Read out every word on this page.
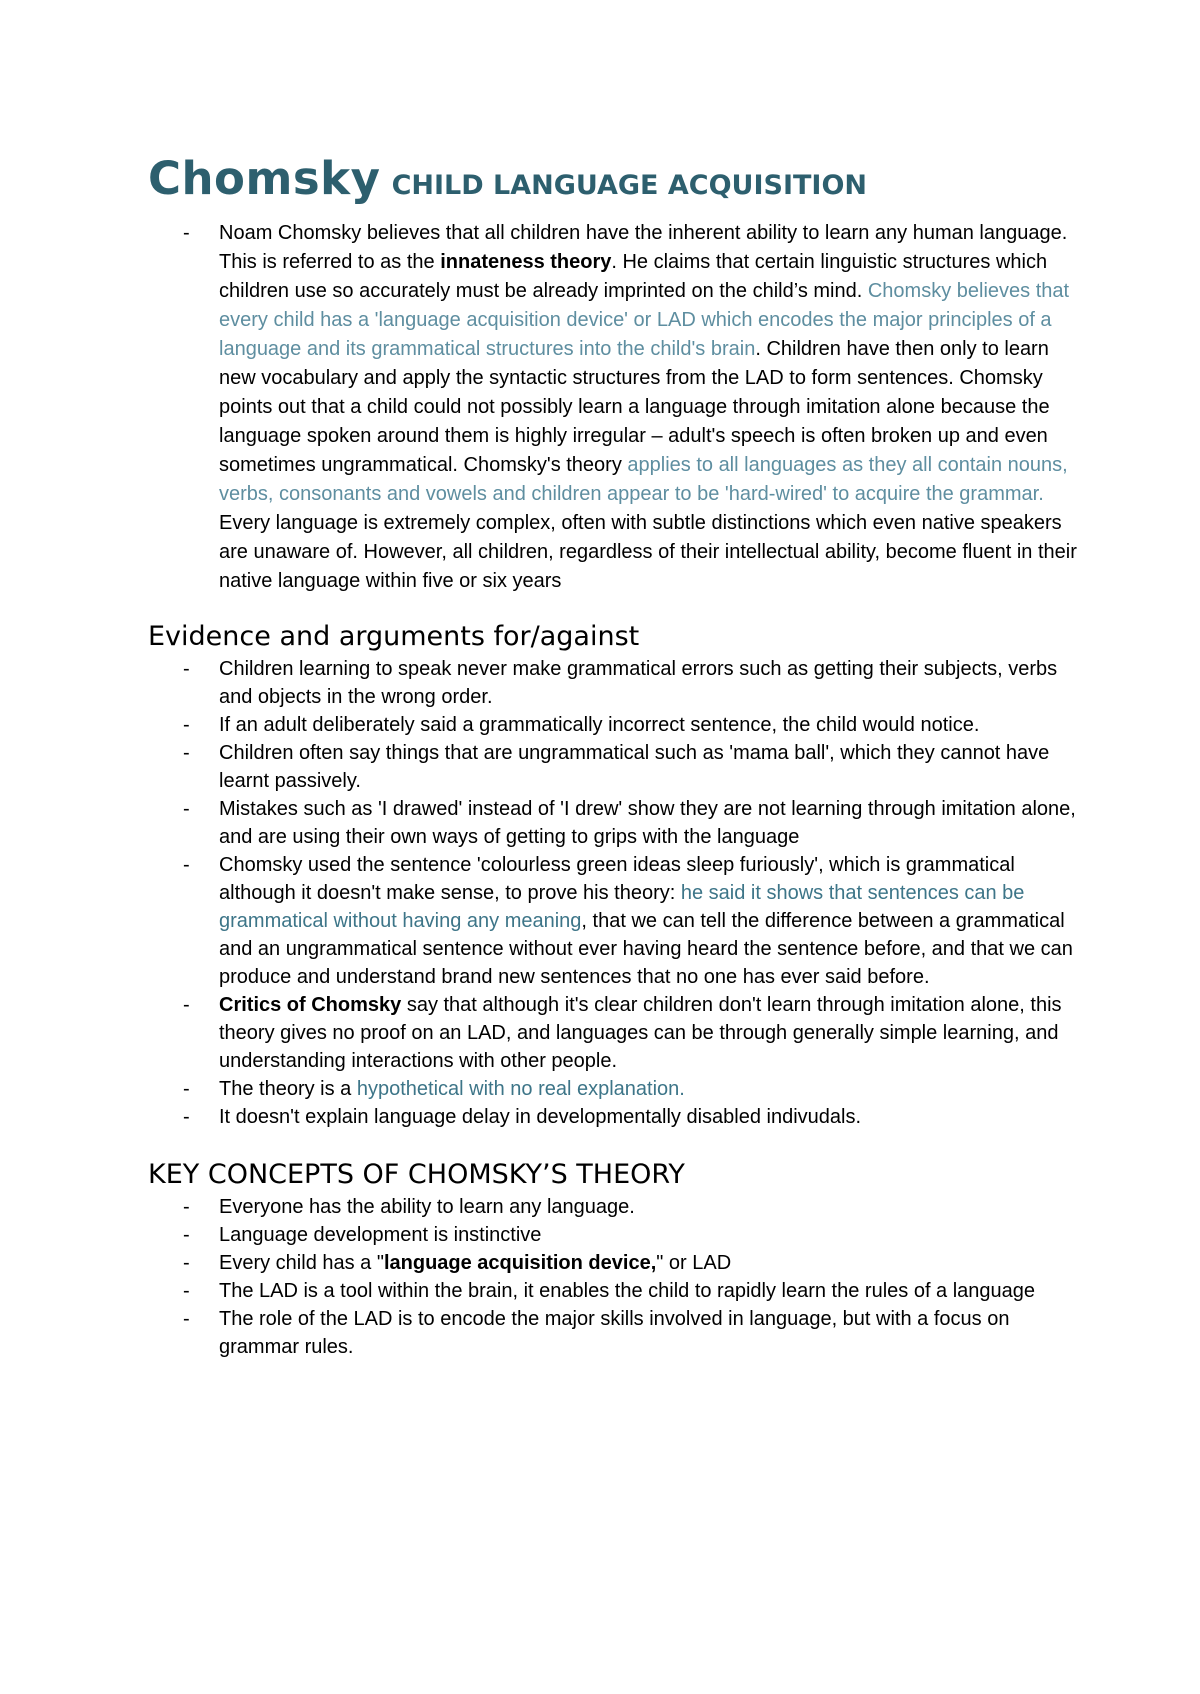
Chomsky CHILD LANGUAGE ACQUISITION
- Noam Chomsky believes that all children have the inherent ability to learn any human language. This is referred to as the innateness theory. He claims that certain linguistic structures which children use so accurately must be already imprinted on the child’s mind. Chomsky believes that every child has a 'language acquisition device' or LAD which encodes the major principles of a language and its grammatical structures into the child's brain. Children have then only to learn new vocabulary and apply the syntactic structures from the LAD to form sentences. Chomsky points out that a child could not possibly learn a language through imitation alone because the language spoken around them is highly irregular – adult's speech is often broken up and even sometimes ungrammatical. Chomsky's theory applies to all languages as they all contain nouns, verbs, consonants and vowels and children appear to be 'hard-wired' to acquire the grammar. Every language is extremely complex, often with subtle distinctions which even native speakers are unaware of. However, all children, regardless of their intellectual ability, become fluent in their native language within five or six years
Evidence and arguments for/against
- Children learning to speak never make grammatical errors such as getting their subjects, verbs and objects in the wrong order.
- If an adult deliberately said a grammatically incorrect sentence, the child would notice.
- Children often say things that are ungrammatical such as 'mama ball', which they cannot have learnt passively.
- Mistakes such as 'I drawed' instead of 'I drew' show they are not learning through imitation alone, and are using their own ways of getting to grips with the language
- Chomsky used the sentence 'colourless green ideas sleep furiously', which is grammatical although it doesn't make sense, to prove his theory: he said it shows that sentences can be grammatical without having any meaning, that we can tell the difference between a grammatical and an ungrammatical sentence without ever having heard the sentence before, and that we can produce and understand brand new sentences that no one has ever said before.
- Critics of Chomsky say that although it's clear children don't learn through imitation alone, this theory gives no proof on an LAD, and languages can be through generally simple learning, and understanding interactions with other people.
- The theory is a hypothetical with no real explanation.
- It doesn't explain language delay in developmentally disabled indivudals.
KEY CONCEPTS OF CHOMSKY’S THEORY
- Everyone has the ability to learn any language.
- Language development is instinctive
- Every child has a "language acquisition device," or LAD
- The LAD is a tool within the brain, it enables the child to rapidly learn the rules of a language
- The role of the LAD is to encode the major skills involved in language, but with a focus on grammar rules.
